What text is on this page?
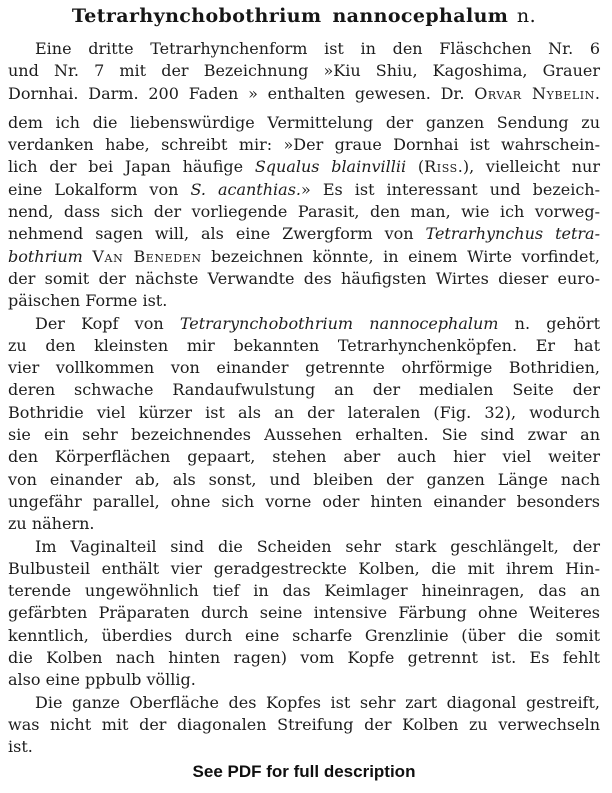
Tetrarhynchobothrium nannocephalum n.
Eine dritte Tetrarhynchenform ist in den Fläschchen Nr. 6
und Nr. 7 mit der Bezeichnung »Kiu Shiu, Kagoshima, Grauer
Dornhai. Darm. 200 Faden » enthalten gewesen. Dr. Orvar Nybelin.
dem ich die liebenswürdige Vermittelung der ganzen Sendung zu
verdanken habe, schreibt mir: »Der graue Dornhai ist wahrschein-
lich der bei Japan häufige Squalus blainvillii (Riss.), vielleicht nur
eine Lokalform von S. acanthias.» Es ist interessant und bezeich-
nend, dass sich der vorliegende Parasit, den man, wie ich vorweg-
nehmend sagen will, als eine Zwergform von Tetrarhynchus tetra-
bothrium Van Beneden bezeichnen könnte, in einem Wirte vorfindet,
der somit der nächste Verwandte des häufigsten Wirtes dieser euro-
päischen Forme ist.
Der Kopf von Tetrarynchobothrium nannocephalum n. gehört
zu den kleinsten mir bekannten Tetrarhynchenköpfen. Er hat
vier vollkommen von einander getrennte ohrförmige Bothridien,
deren schwache Randaufwulstung an der medialen Seite der
Bothridie viel kürzer ist als an der lateralen (Fig. 32), wodurch
sie ein sehr bezeichnendes Aussehen erhalten. Sie sind zwar an
den Körperflächen gepaart, stehen aber auch hier viel weiter
von einander ab, als sonst, und bleiben der ganzen Länge nach
ungefähr parallel, ohne sich vorne oder hinten einander besonders
zu nähern.
Im Vaginalteil sind die Scheiden sehr stark geschlängelt, der
Bulbusteil enthält vier geradgestreckte Kolben, die mit ihrem Hin-
terende ungewöhnlich tief in das Keimlager hineinragen, das an
gefärbten Präparaten durch seine intensive Färbung ohne Weiteres
kenntlich, überdies durch eine scharfe Grenzlinie (über die somit
die Kolben nach hinten ragen) vom Kopfe getrennt ist. Es fehlt
also eine ppbulb völlig.
Die ganze Oberfläche des Kopfes ist sehr zart diagonal gestreift,
was nicht mit der diagonalen Streifung der Kolben zu verwechseln
ist.
See PDF for full description
